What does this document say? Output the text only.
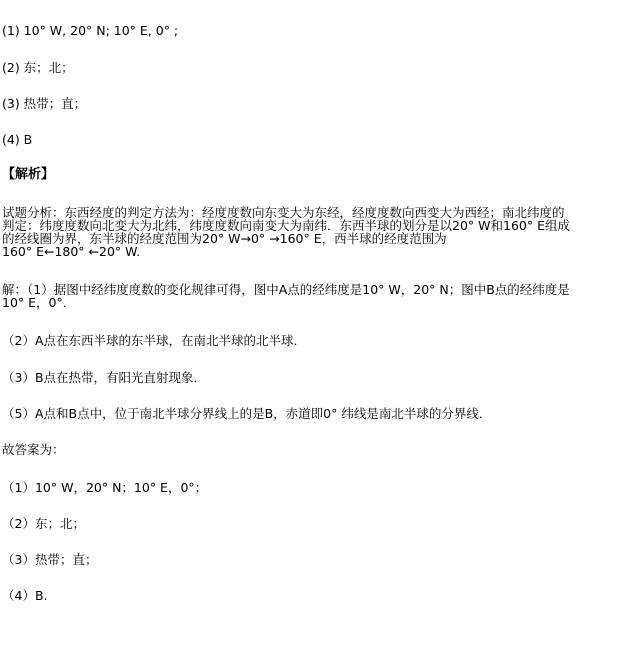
(1) 10° W, 20° N; 10° E, 0° ;
(2) 东；北；
(3) 热带；直；
(4) B
【解析】
试题分析：东西经度的判定方法为：经度度数向东变大为东经，经度度数向西变大为西经；南北纬度的
判定：纬度度数向北变大为北纬，纬度度数向南变大为南纬．东西半球的划分是以20° W和160° E组成
的经线圈为界，东半球的经度范围为20° W→0° →160° E，西半球的经度范围为
160° E←180° ←20° W.
解：（1）据图中经纬度度数的变化规律可得，图中A点的经纬度是10° W，20° N；图中B点的经纬度是
10° E，0°．
（2）A点在东西半球的东半球，在南北半球的北半球．
（3）B点在热带，有阳光直射现象．
（5）A点和B点中，位于南北半球分界线上的是B，赤道即0° 纬线是南北半球的分界线．
故答案为：
（1）10° W，20° N；10° E，0°；
（2）东；北；
（3）热带；直；
（4）B.
